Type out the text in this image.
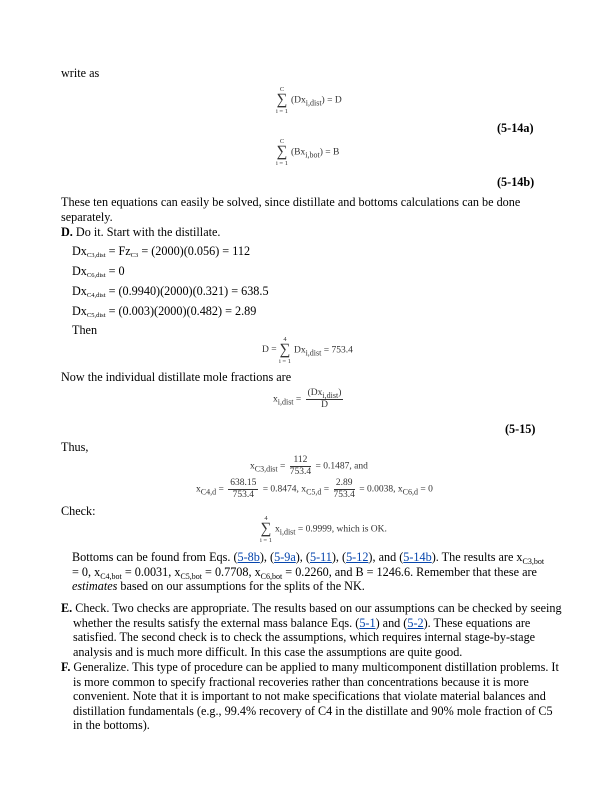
write as
C
∑
i = 1
$(Dx_{i,dist}) = D$
(5-14a)
C
∑
i = 1
$(Bx_{i,bot}) = B$
(5-14b)
These ten equations can easily be solved, since distillate and bottoms calculations can be done separately.
D. Do it. Start with the distillate.
$Dx_{C3,dist} = Fz_{C3} = (2000)(0.056) = 112$
$Dx_{C6,dist} = 0$
$Dx_{C4,dist} = (0.9940)(2000)(0.321) = 638.5$
$Dx_{C5,dist} = (0.003)(2000)(0.482) = 2.89$
Then
D =
4
∑
i = 1
$Dx_{i,dist} = 753.4$
Now the individual distillate mole fractions are
$x_{i,dist} = \frac{(Dx_{i,dist})}{D}$
(5-15)
Thus,
$x_{C3,dist} = \frac{112}{753.4} = 0.1487$, and
$x_{C4,d} = \frac{638.15}{753.4} = 0.8474$, $x_{C5,d} = \frac{2.89}{753.4} = 0.0038$, $x_{C6,d} = 0$
Check:
4
∑
i = 1
$x_{i,dist} = 0.9999$, which is OK.
Bottoms can be found from Eqs. (5-8b), (5-9a), (5-11), (5-12), and (5-14b). The results are $x_{C3,bot} = 0$, $x_{C4,bot} = 0.0031$, $x_{C5,bot} = 0.7708$, $x_{C6,bot} = 0.2260$, and B = 1246.6. Remember that these are estimates based on our assumptions for the splits of the NK.
E. Check. Two checks are appropriate. The results based on our assumptions can be checked by seeing whether the results satisfy the external mass balance Eqs. (5-1) and (5-2). These equations are satisfied. The second check is to check the assumptions, which requires internal stage-by-stage analysis and is much more difficult. In this case the assumptions are quite good.
F. Generalize. This type of procedure can be applied to many multicomponent distillation problems. It is more common to specify fractional recoveries rather than concentrations because it is more convenient. Note that it is important to not make specifications that violate material balances and distillation fundamentals (e.g., 99.4% recovery of C4 in the distillate and 90% mole fraction of C5 in the bottoms).
